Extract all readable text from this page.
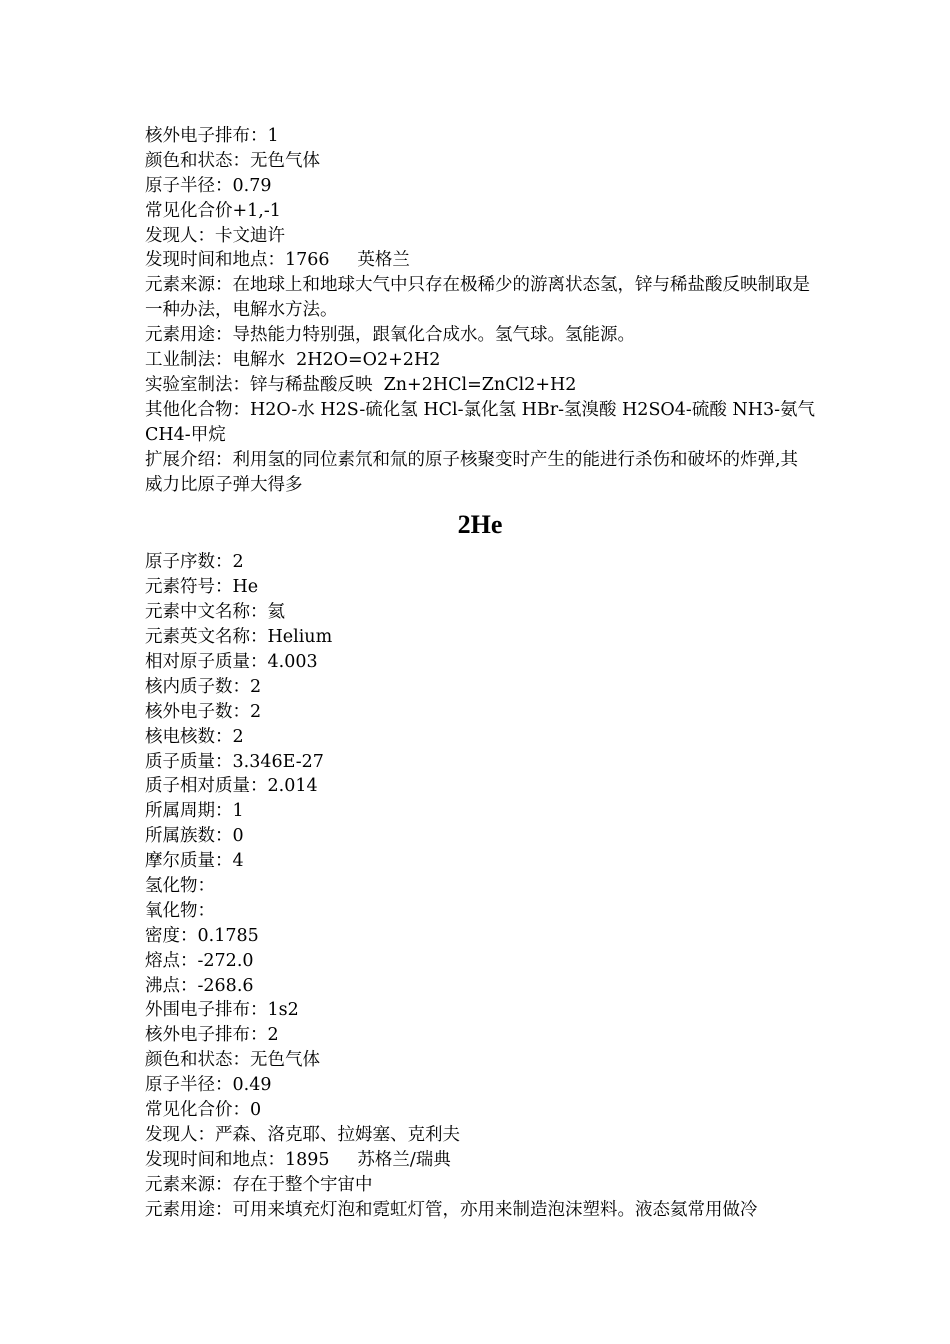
核外电子排布：1
颜色和状态：无色气体
原子半径：0.79
常见化合价+1,-1
发现人：卡文迪许
发现时间和地点：1766     英格兰
元素来源：在地球上和地球大气中只存在极稀少的游离状态氢，锌与稀盐酸反映制取是一种办法，电解水方法。
元素用途：导热能力特别强，跟氧化合成水。氢气球。氢能源。
工业制法：电解水  2H2O=O2+2H2
实验室制法：锌与稀盐酸反映  Zn+2HCl=ZnCl2+H2
其他化合物：H2O-水 H2S-硫化氢 HCl-氯化氢 HBr-氢溴酸 H2SO4-硫酸 NH3-氨气 CH4-甲烷
扩展介绍：利用氢的同位素氘和氚的原子核聚变时产生的能进行杀伤和破坏的炸弹,其威力比原子弹大得多
2He
原子序数：2
元素符号：He
元素中文名称：氦
元素英文名称：Helium
相对原子质量：4.003
核内质子数：2
核外电子数：2
核电核数：2
质子质量：3.346E-27
质子相对质量：2.014
所属周期：1
所属族数：0
摩尔质量：4
氢化物：
氧化物：
密度：0.1785
熔点：-272.0
沸点：-268.6
外围电子排布：1s2
核外电子排布：2
颜色和状态：无色气体
原子半径：0.49
常见化合价：0
发现人：严森、洛克耶、拉姆塞、克利夫
发现时间和地点：1895     苏格兰/瑞典
元素来源：存在于整个宇宙中
元素用途：可用来填充灯泡和霓虹灯管，亦用来制造泡沫塑料。液态氦常用做冷
